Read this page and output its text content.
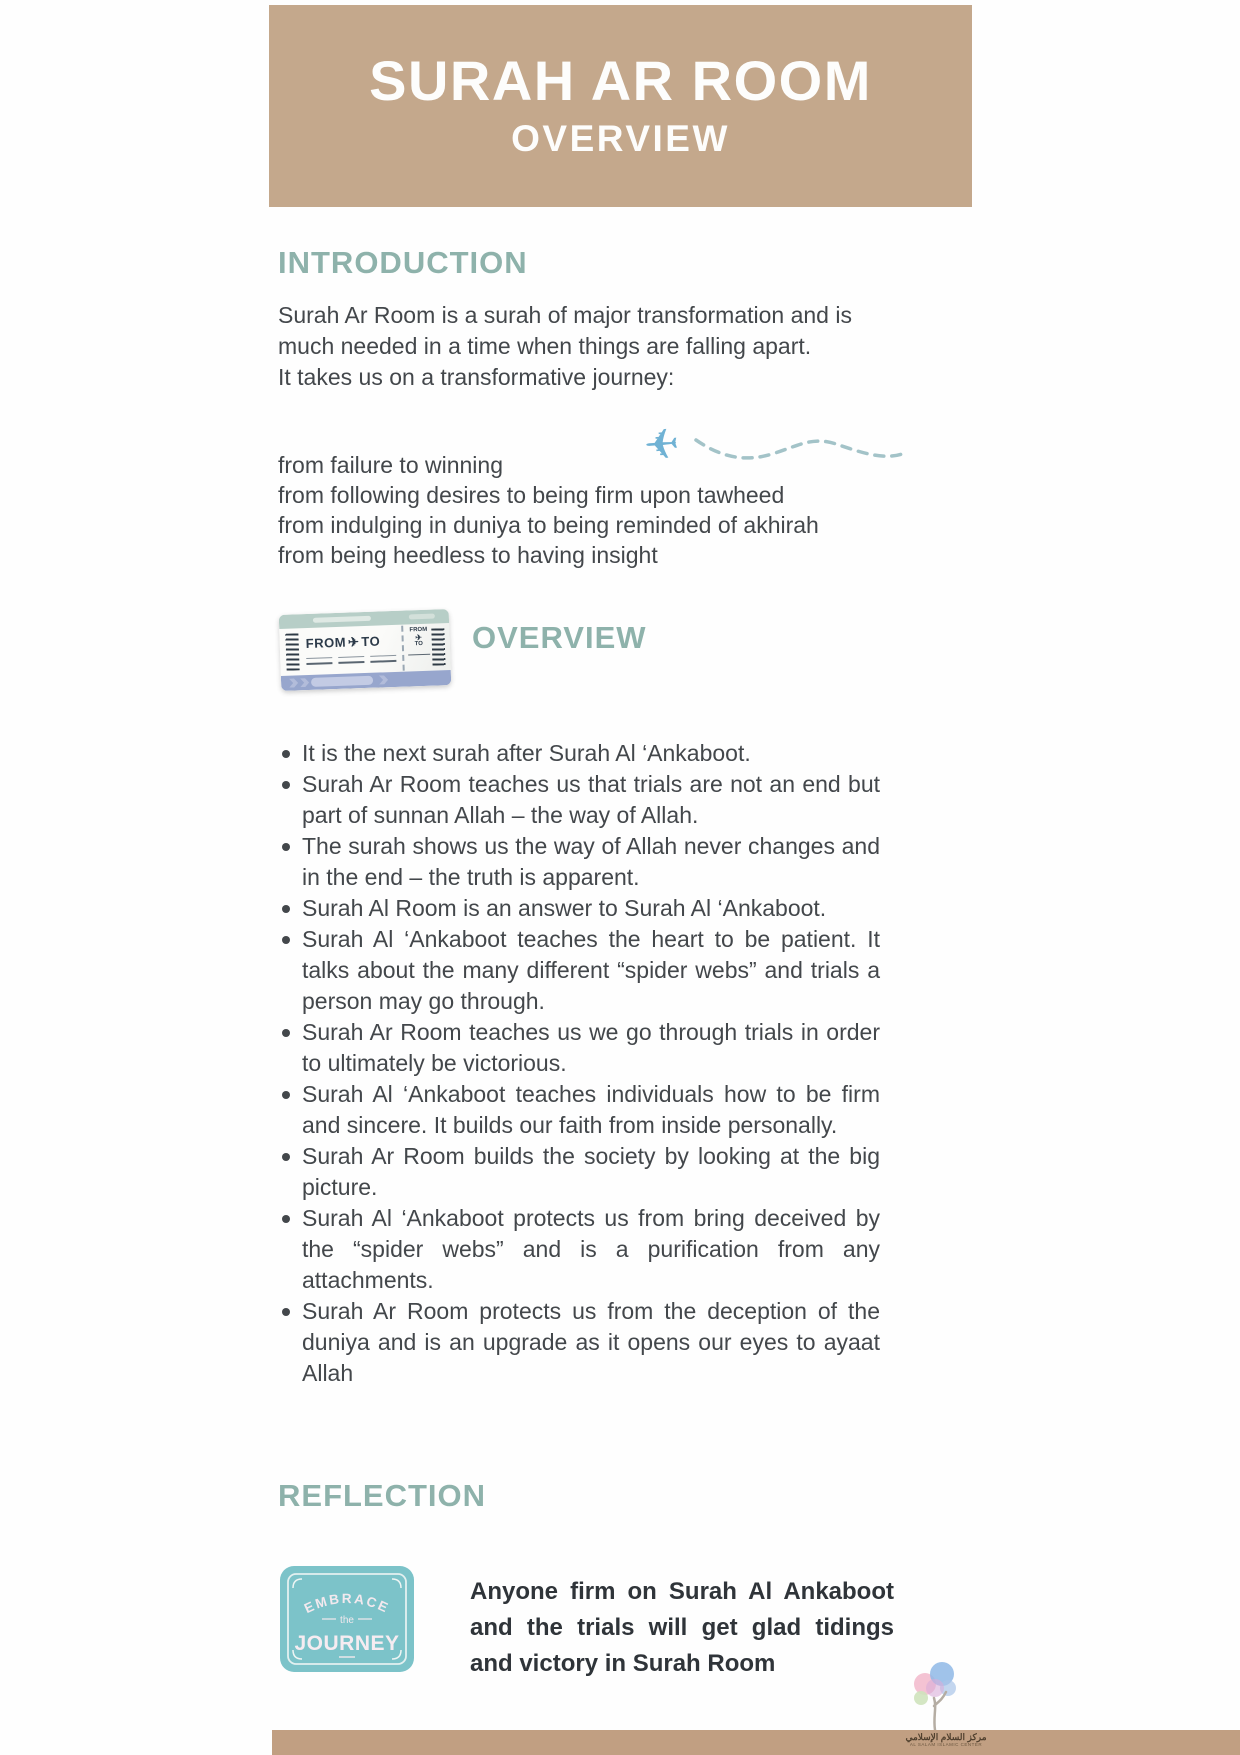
SURAH AR ROOM
OVERVIEW
INTRODUCTION
Surah Ar Room is a surah of major transformation and is
much needed in a time when things are falling apart.
It takes us on a transformative journey:
✈
from failure to winning
from following desires to being firm upon tawheed
from indulging in duniya to being reminded of akhirah
from being heedless to having insight
FROM✈TO
FROM
✈
TO OVERVIEW
It is the next surah after Surah Al ‘Ankaboot.
Surah Ar Room teaches us that trials are not an end but part of sunnan Allah – the way of Allah.
The surah shows us the way of Allah never changes and in the end – the truth is apparent.
Surah Al Room is an answer to Surah Al ‘Ankaboot.
Surah Al ‘Ankaboot teaches the heart to be patient. It talks about the many different “spider webs” and trials a person may go through.
Surah Ar Room teaches us we go through trials in order to ultimately be victorious.
Surah Al ‘Ankaboot teaches individuals how to be firm and sincere. It builds our faith from inside personally.
Surah Ar Room builds the society by looking at the big picture.
Surah Al ‘Ankaboot protects us from bring deceived by the “spider webs” and is a purification from any attachments.
Surah Ar Room protects us from the deception of the duniya and is an upgrade as it opens our eyes to ayaat Allah
REFLECTION
EMBRACE
the
JOURNEY

Anyone firm on Surah Al Ankaboot and the trials will get glad tidings and victory in Surah Room

مركز السلام الإسلامي
AL SALAM ISLAMIC CENTER
